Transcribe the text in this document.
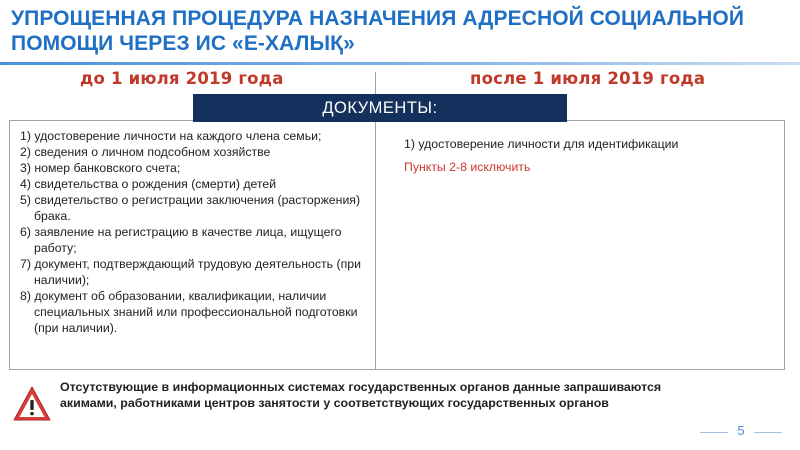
УПРОЩЕННАЯ ПРОЦЕДУРА НАЗНАЧЕНИЯ АДРЕСНОЙ СОЦИАЛЬНОЙ
ПОМОЩИ ЧЕРЕЗ ИС «Е-ХАЛЫҚ»
до 1 июля 2019 года	после 1 июля 2019 года
ДОКУМЕНТЫ:
1) удостоверение личности на каждого члена семьи;
2) сведения о личном подсобном хозяйстве
3) номер банковского счета;
4) свидетельства о рождения (смерти) детей
5) свидетельство о регистрации заключения (расторжения) брака.
6) заявление на регистрацию в качестве лица, ищущего работу;
7) документ, подтверждающий трудовую деятельность (при наличии);
8) документ об образовании, квалификации, наличии специальных знаний или профессиональной подготовки (при наличии).
1) удостоверение личности для идентификации
Пункты 2-8 исключить
Отсутствующие в информационных системах государственных органов данные запрашиваются акимами, работниками центров занятости у соответствующих государственных органов
5
